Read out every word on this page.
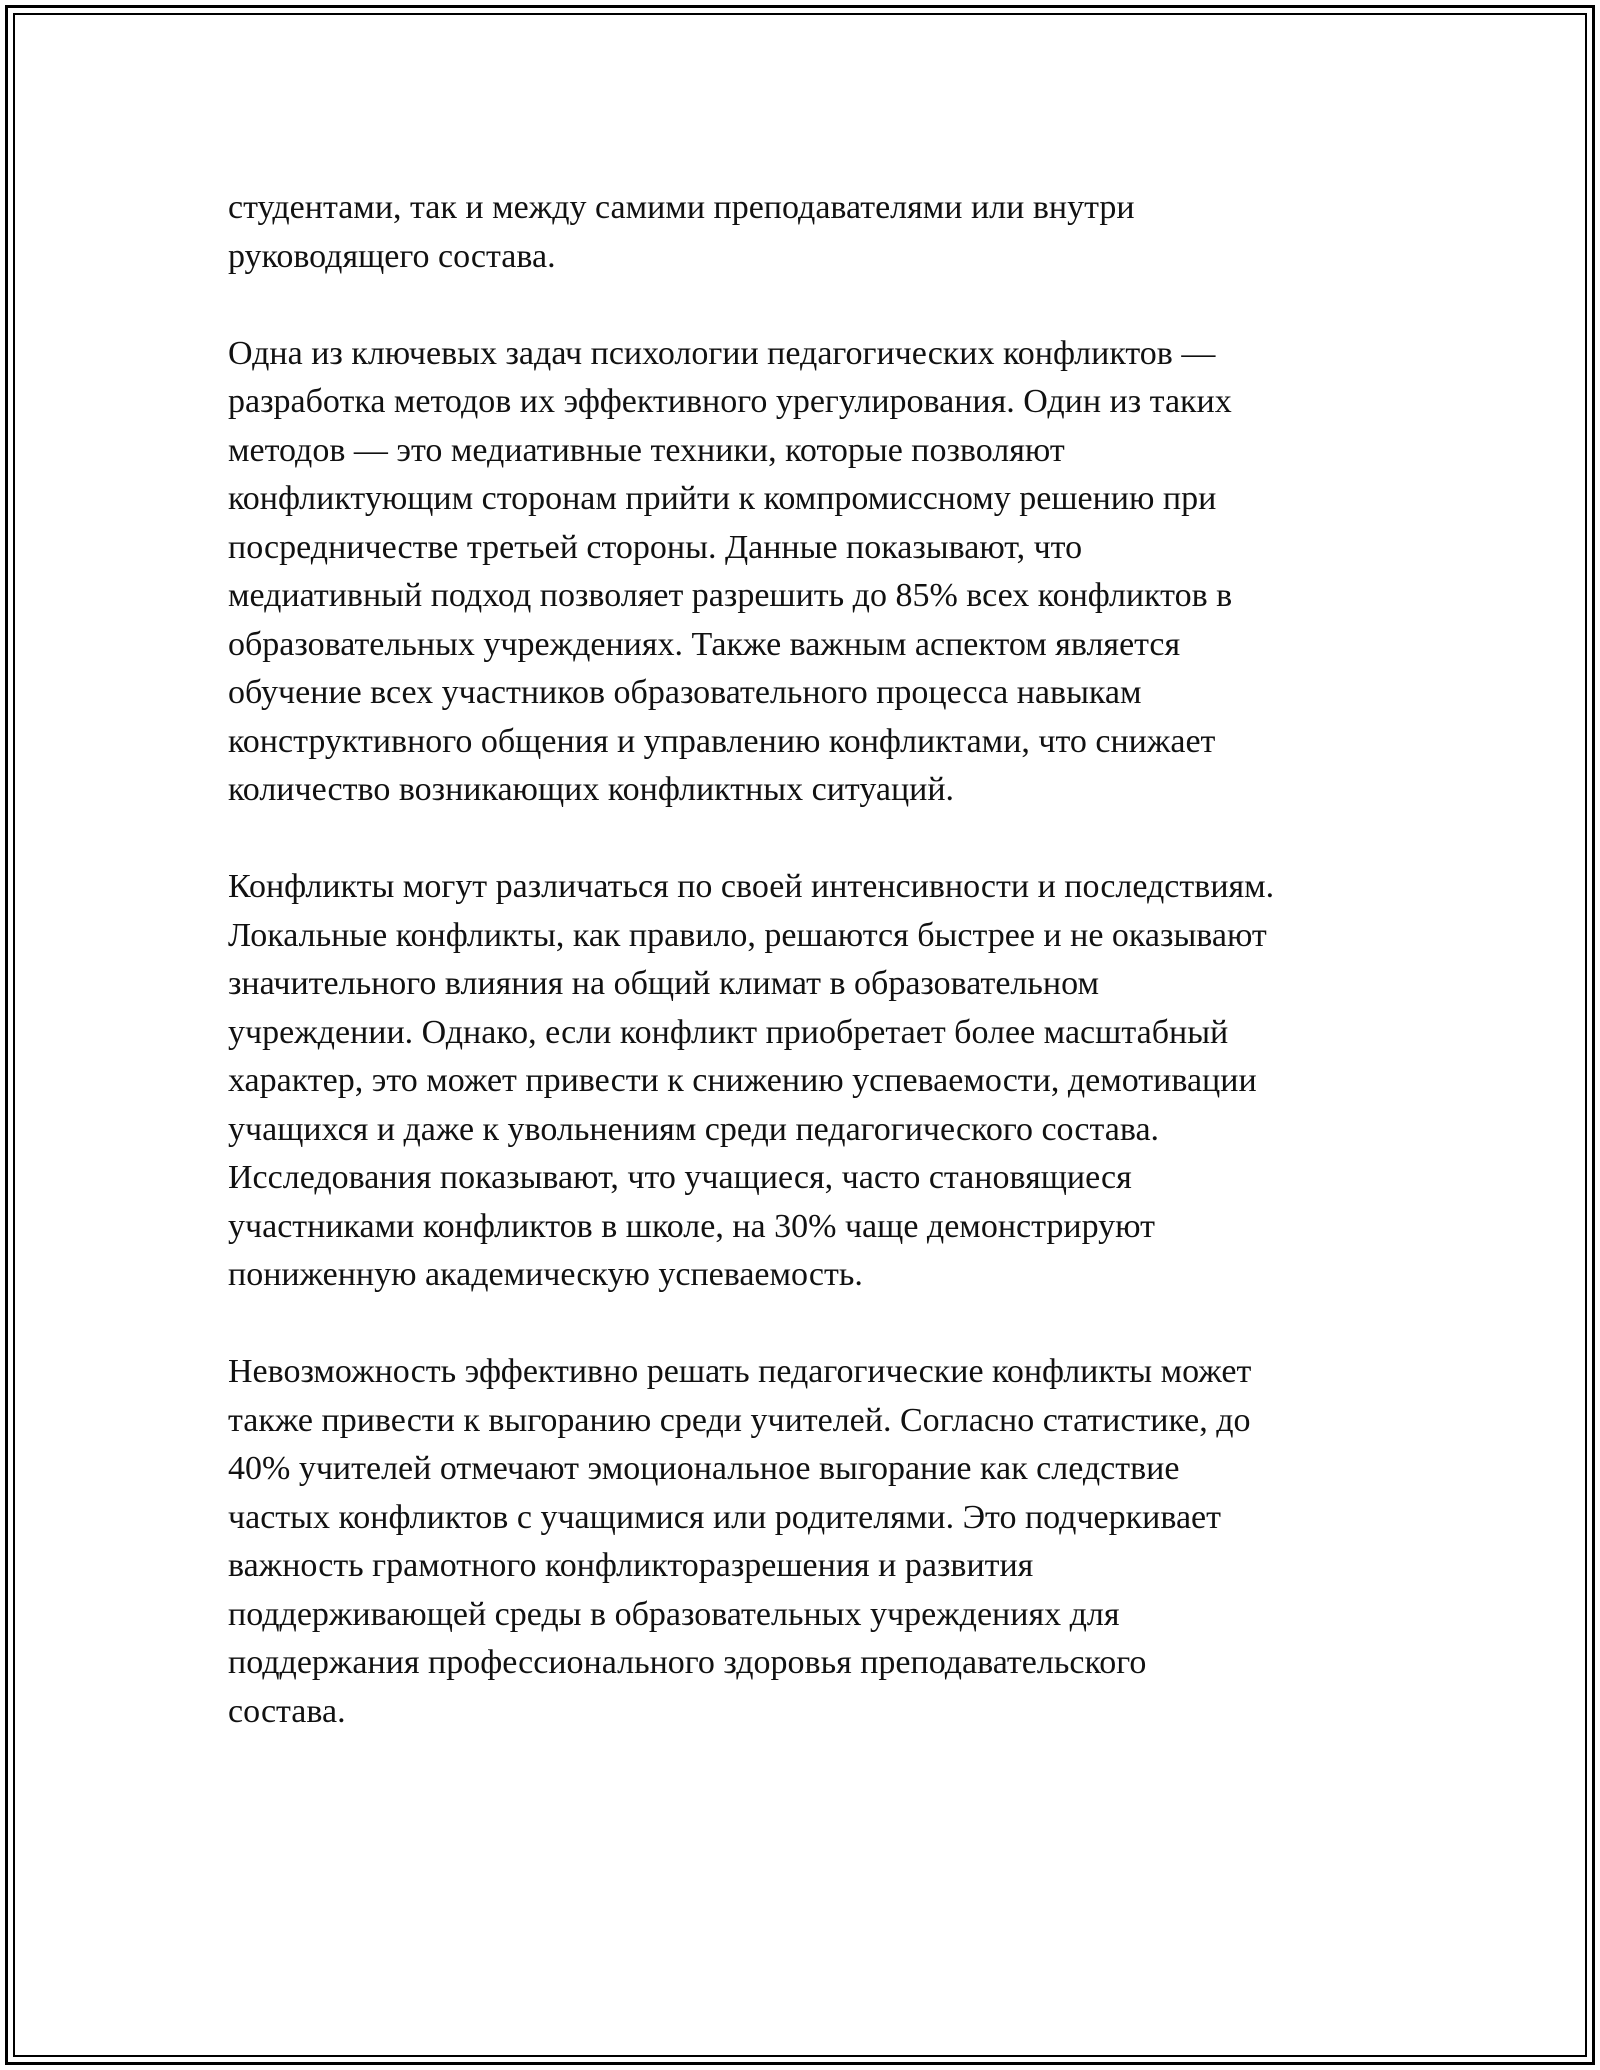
студентами, так и между самими преподавателями или внутри
руководящего состава.

Одна из ключевых задач психологии педагогических конфликтов —
разработка методов их эффективного урегулирования. Один из таких
методов — это медиативные техники, которые позволяют
конфликтующим сторонам прийти к компромиссному решению при
посредничестве третьей стороны. Данные показывают, что
медиативный подход позволяет разрешить до 85% всех конфликтов в
образовательных учреждениях. Также важным аспектом является
обучение всех участников образовательного процесса навыкам
конструктивного общения и управлению конфликтами, что снижает
количество возникающих конфликтных ситуаций.

Конфликты могут различаться по своей интенсивности и последствиям.
Локальные конфликты, как правило, решаются быстрее и не оказывают
значительного влияния на общий климат в образовательном
учреждении. Однако, если конфликт приобретает более масштабный
характер, это может привести к снижению успеваемости, демотивации
учащихся и даже к увольнениям среди педагогического состава.
Исследования показывают, что учащиеся, часто становящиеся
участниками конфликтов в школе, на 30% чаще демонстрируют
пониженную академическую успеваемость.

Невозможность эффективно решать педагогические конфликты может
также привести к выгоранию среди учителей. Согласно статистике, до
40% учителей отмечают эмоциональное выгорание как следствие
частых конфликтов с учащимися или родителями. Это подчеркивает
важность грамотного конфликторазрешения и развития
поддерживающей среды в образовательных учреждениях для
поддержания профессионального здоровья преподавательского
состава.
